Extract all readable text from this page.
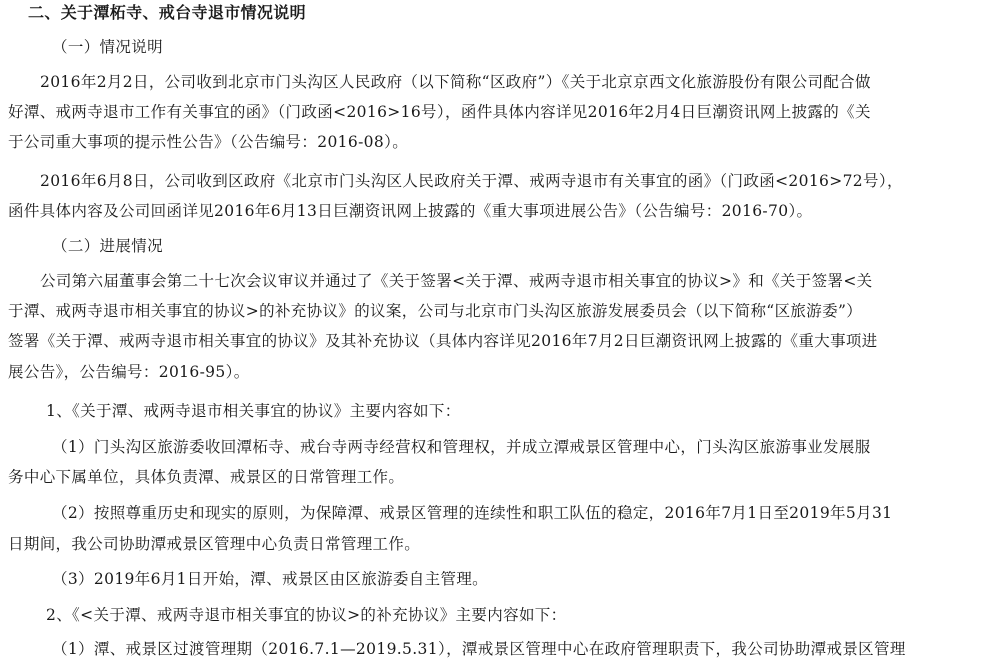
二、关于潭柘寺、戒台寺退市情况说明
（一）情况说明
2016年2月2日，公司收到北京市门头沟区人民政府（以下简称“区政府”）《关于北京京西文化旅游股份有限公司配合做
好潭、戒两寺退市工作有关事宜的函》（门政函<2016>16号），函件具体内容详见2016年2月4日巨潮资讯网上披露的《关
于公司重大事项的提示性公告》（公告编号：2016-08）。
2016年6月8日，公司收到区政府《北京市门头沟区人民政府关于潭、戒两寺退市有关事宜的函》（门政函<2016>72号），
函件具体内容及公司回函详见2016年6月13日巨潮资讯网上披露的《重大事项进展公告》（公告编号：2016-70）。
（二）进展情况
公司第六届董事会第二十七次会议审议并通过了《关于签署<关于潭、戒两寺退市相关事宜的协议>》和《关于签署<关
于潭、戒两寺退市相关事宜的协议>的补充协议》的议案，公司与北京市门头沟区旅游发展委员会（以下简称“区旅游委”）
签署《关于潭、戒两寺退市相关事宜的协议》及其补充协议（具体内容详见2016年7月2日巨潮资讯网上披露的《重大事项进
展公告》，公告编号：2016-95）。
1、《关于潭、戒两寺退市相关事宜的协议》主要内容如下：
（1）门头沟区旅游委收回潭柘寺、戒台寺两寺经营权和管理权，并成立潭戒景区管理中心，门头沟区旅游事业发展服
务中心下属单位，具体负责潭、戒景区的日常管理工作。
（2）按照尊重历史和现实的原则，为保障潭、戒景区管理的连续性和职工队伍的稳定，2016年7月1日至2019年5月31
日期间，我公司协助潭戒景区管理中心负责日常管理工作。
（3）2019年6月1日开始，潭、戒景区由区旅游委自主管理。
2、《<关于潭、戒两寺退市相关事宜的协议>的补充协议》主要内容如下：
（1）潭、戒景区过渡管理期（2016.7.1—2019.5.31），潭戒景区管理中心在政府管理职责下，我公司协助潭戒景区管理
